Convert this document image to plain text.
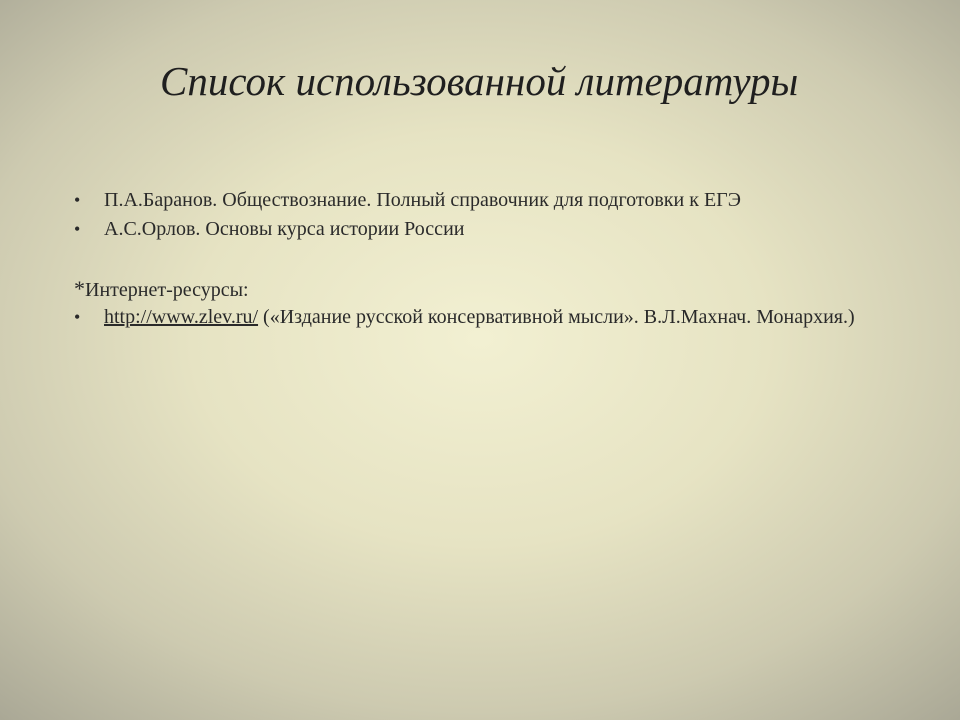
Список использованной литературы
• П.А.Баранов. Обществознание. Полный справочник для подготовки к ЕГЭ
• А.С.Орлов. Основы курса истории России
*Интернет-ресурсы:
• http://www.zlev.ru/ («Издание русской консервативной мысли». В.Л.Махнач. Монархия.)
